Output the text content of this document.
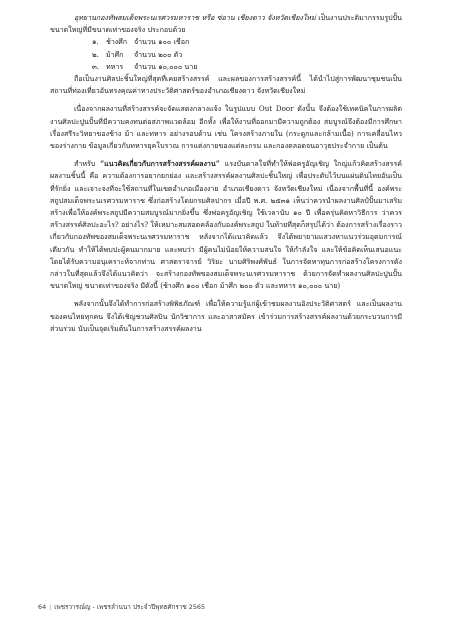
อุทยานกองทัพสมเด็จพระนเรศวรมหาราช หรือ ซ่อาน เชียงดาว จังหวัดเชียงใหม่ เป็นงานประติมากรรมรูปปั้นขนาดใหญ่ที่มีขนาดเท่าของจริง ประกอบด้วย

๑. ช้างศึก จำนวน ๑๐๐ เชือก
๒. ม้าศึก จำนวน ๒๐๐ ตัว
๓. ทหาร จำนวน ๑๐,๐๐๐ นาย

ถือเป็นงานศิลปะชิ้นใหญ่ที่สุดที่เคยสร้างสรรค์ และผลของการสร้างสรรค์นี้ ได้นำไปสู่การพัฒนาชุมชนเป็นสถานที่ท่องเที่ยวอันทรงคุณค่าทางประวัติศาสตร์ของอำเภอเชียงดาว จังหวัดเชียงใหม่

เนื่องจากผลงานที่สร้างสรรค์จะจัดแสดงกลางแจ้ง ในรูปแบบ Out Door ดังนั้น จึงต้องใช้เทคนิคในการผลิตงานศิลปะปูนปั้นที่มีความคงทนต่อสภาพแวดล้อม อีกทั้ง เพื่อให้งานที่ออกมามีความถูกต้อง สมบูรณ์จึงต้องมีการศึกษาเรื่องสรีระวิทยาของช้าง ม้า และทหาร อย่างรอบด้าน เช่น โครงสร้างภายใน (กระดูกและกล้ามเนื้อ) การเคลื่อนไหวของร่างกาย ข้อมูลเกี่ยวกับทหารยุคโบราณ การแต่งกายของแต่ละกรม และกองตลอดจนอาวุธประจำกาย เป็นต้น

สำหรับ “แนวคิดเกี่ยวกับการสร้างสรรค์ผลงาน” แรงบันดาลใจที่ทำให้พ่อครูอัญเชิญ ใกญ่แก้วคิดสร้างสรรค์ผลงานชิ้นนี้ คือ ความต้องการอยากยกย่อง และสร้างสรรค์ผลงานศิลปะชิ้นใหญ่ เพื่อประดับไว้บนแผ่นดินไทยอันเป็นที่รักยิ่ง และเจาะจงที่จะใช้สถานที่ในเขตอำเภอเมืองงาย อำเภอเชียงดาว จังหวัดเชียงใหม่ เนื่องจากพื้นที่นี้ องค์พระสถูปสมเด็จพระนเรศวรมหาราช ซึ่งก่อสร้างโดยกรมศิลปากร เมื่อปี พ.ศ. ๒๕๓๑ เห็นว่าควรนำผลงานศิลป์ปั้นมาเสริมสร้างเพื่อให้องค์พระสถูปมีความสมบูรณ์มากยิ่งขึ้น ซึ่งพ่อครูอัญเชิญ ใช้เวลานับ ๑๐ ปี เพื่อครุ่นคิดหาวิธีการ ว่าควรสร้างสรรค์ศิลปะอะไร? อย่างไร? ให้เหมาะสมสอดคล้องกับองค์พระสถูป ในท้ายที่สุดก็สรุปได้ว่า ต้องการสร้างเรื่องราวเกี่ยวกับกองทัพของสมเด็จพระนเรศวรมหาราช หลังจากได้แนวคิดแล้ว จึงได้พยายามแสวงหาแนวร่วมอุดมการณ์เดียวกัน ทำให้ได้พบปะผู้คนมากมาย และพบว่า มีผู้คนไม่น้อยให้ความสนใจ ให้กำลังใจ และให้ข้อคิดเห็นเสนอแนะ โดยได้รับความอนุเคราะห์จากท่าน ศาสตราจารย์ วิริยะ นามศิริพงศ์พันธ์ ในการจัดหาทุนการก่อสร้างโครงการดังกล่าวในที่สุดแล้วจึงได้แนวคิดว่า จะสร้างกองทัพของสมเด็จพระนเรศวรมหาราช ด้วยการจัดทำผลงานศิลปะปูนปั้นขนาดใหญ่ ขนาดเท่าของจริง มีดังนี้ (ช้างศึก ๑๐๐ เชือก ม้าศึก ๒๐๐ ตัว และทหาร ๑๐,๐๐๐ นาย)

พลังจากนั้นจึงได้ทำการก่อสร้างพิพิธภัณฑ์ เพื่อให้ความรู้แก่ผู้เข้าชมผลงานอิงประวัติศาสตร์ และเป็นผลงานของคนไทยทุกคน จึงได้เชิญชวนศิลปิน นักวิชาการ และอาสาสมัคร เข้าร่วมการสร้างสรรค์ผลงานด้วยกระบวนการมีส่วนร่วม นับเป็นจุดเริ่มต้นในการสร้างสรรค์ผลงาน

64 | เพชรวารณ์ญ - เพชรลำนนา ประจำปีพุทธศักราช 2565
